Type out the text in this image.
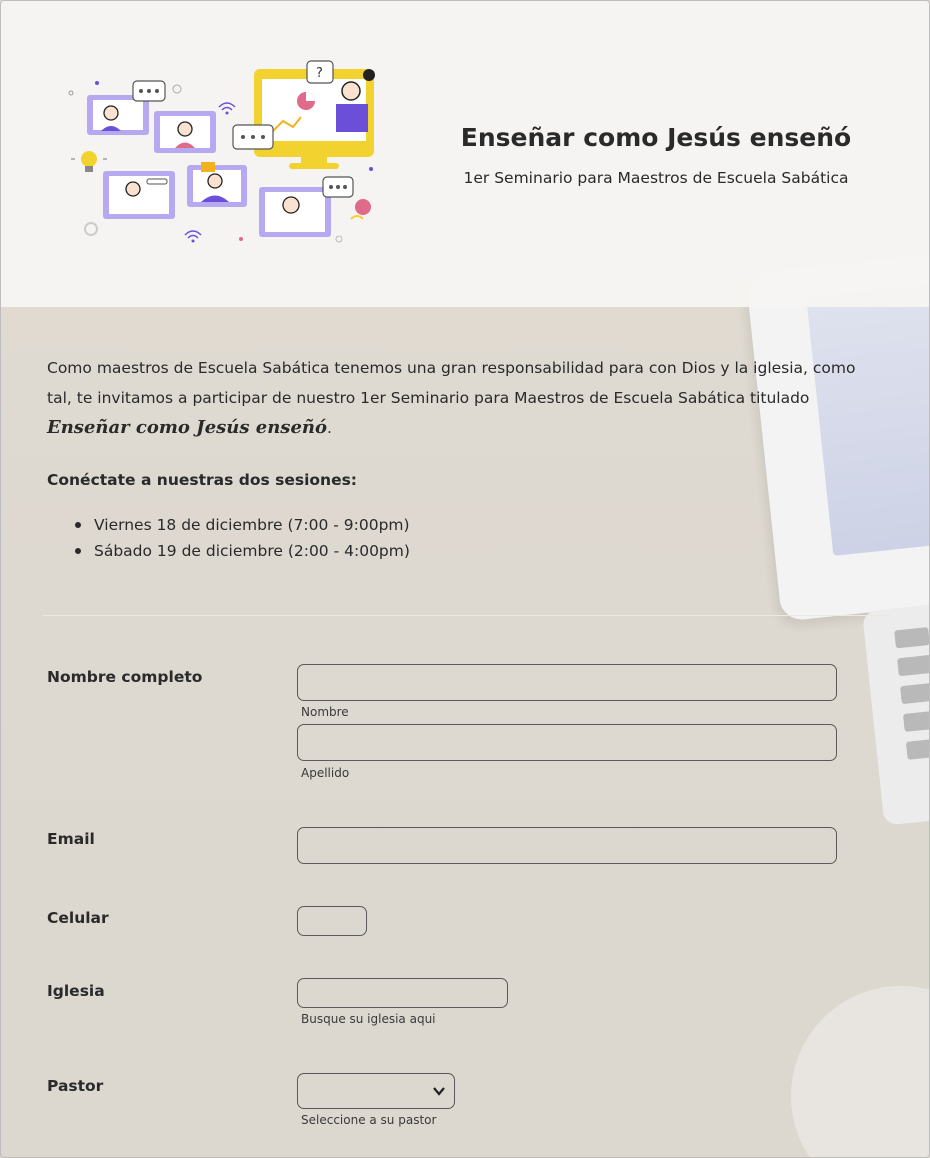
?
Enseñar como Jesús enseñó
1er Seminario para Maestros de Escuela Sabática

Como maestros de Escuela Sabática tenemos una gran responsabilidad para con Dios y la iglesia, como tal, te invitamos a participar de nuestro 1er Seminario para Maestros de Escuela Sabática titulado Enseñar como Jesús enseñó.

Conéctate a nuestras dos sesiones:
Viernes 18 de diciembre (7:00 - 9:00pm)
Sábado 19 de diciembre (2:00 - 4:00pm)
Nombre completo
Nombre
Apellido
Email
Celular
Iglesia
Busque su iglesia aqui
Pastor
Seleccione a su pastor
